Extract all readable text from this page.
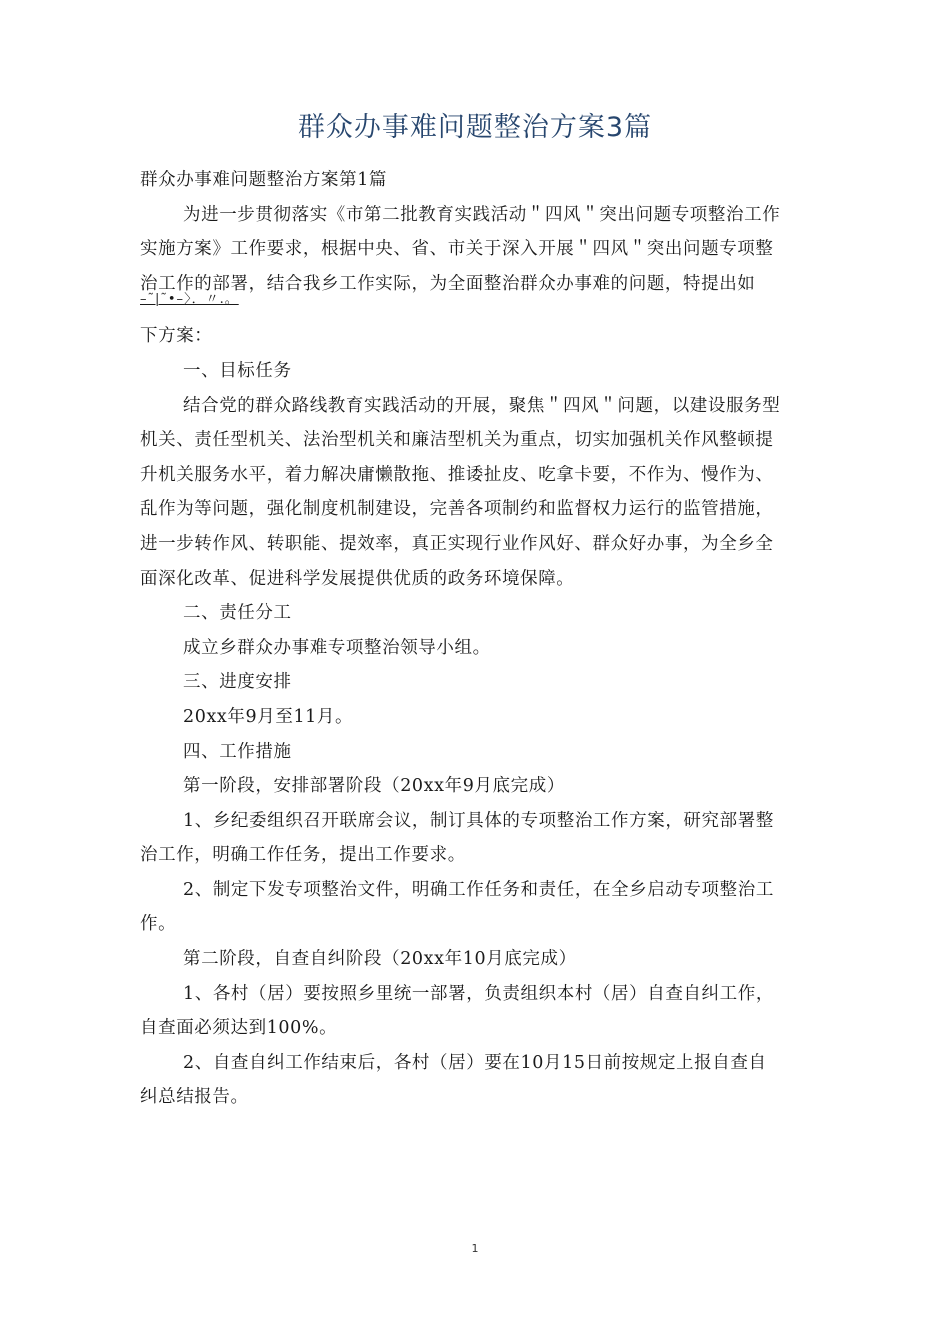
群众办事难问题整治方案3篇

群众办事难问题整治方案第1篇

为进一步贯彻落实《市第二批教育实践活动＂四风＂突出问题专项整治工作

实施方案》工作要求，根据中央、省、市关于深入开展＂四风＂突出问题专项整

治工作的部署，结合我乡工作实际，为全面整治群众办事难的问题，特提出如

–˜|˜•–〉．〃.。

下方案：

一、目标任务

结合党的群众路线教育实践活动的开展，聚焦＂四风＂问题，以建设服务型

机关、责任型机关、法治型机关和廉洁型机关为重点，切实加强机关作风整顿提

升机关服务水平，着力解决庸懒散拖、推诿扯皮、吃拿卡要，不作为、慢作为、

乱作为等问题，强化制度机制建设，完善各项制约和监督权力运行的监管措施，

进一步转作风、转职能、提效率，真正实现行业作风好、群众好办事，为全乡全

面深化改革、促进科学发展提供优质的政务环境保障。

二、责任分工

成立乡群众办事难专项整治领导小组。

三、进度安排

20xx年9月至11月。

四、工作措施

第一阶段，安排部署阶段（20xx年9月底完成）

1、乡纪委组织召开联席会议，制订具体的专项整治工作方案，研究部署整

治工作，明确工作任务，提出工作要求。

2、制定下发专项整治文件，明确工作任务和责任，在全乡启动专项整治工

作。

第二阶段，自查自纠阶段（20xx年10月底完成）

1、各村（居）要按照乡里统一部署，负责组织本村（居）自查自纠工作，

自查面必须达到100%。

2、自查自纠工作结束后，各村（居）要在10月15日前按规定上报自查自

纠总结报告。

1
